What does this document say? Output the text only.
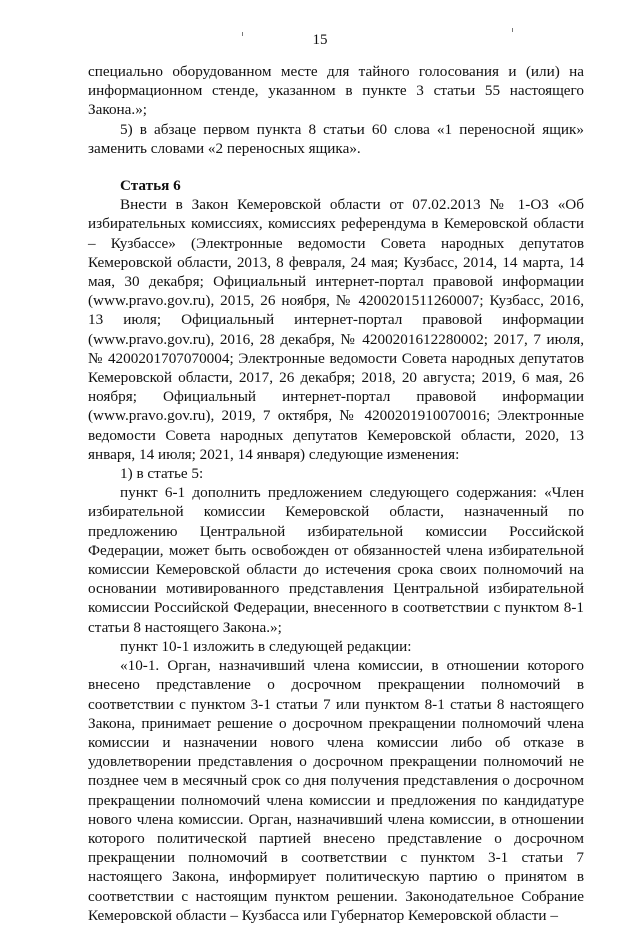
15

специально оборудованном месте для тайного голосования и (или) на информационном стенде, указанном в пункте 3 статьи 55 настоящего Закона.»;

5) в абзаце первом пункта 8 статьи 60 слова «1 переносной ящик» заменить словами «2 переносных ящика».

Статья 6

Внести в Закон Кемеровской области от 07.02.2013 № 1-ОЗ «Об избирательных комиссиях, комиссиях референдума в Кемеровской области – Кузбассе» (Электронные ведомости Совета народных депутатов Кемеровской области, 2013, 8 февраля, 24 мая; Кузбасс, 2014, 14 марта, 14 мая, 30 декабря; Официальный интернет-портал правовой информации (www.pravo.gov.ru), 2015, 26 ноября, № 4200201511260007; Кузбасс, 2016, 13 июля; Официальный интернет-портал правовой информации (www.pravo.gov.ru), 2016, 28 декабря, № 4200201612280002; 2017, 7 июля, № 4200201707070004; Электронные ведомости Совета народных депутатов Кемеровской области, 2017, 26 декабря; 2018, 20 августа; 2019, 6 мая, 26 ноября; Официальный интернет-портал правовой информации (www.pravo.gov.ru), 2019, 7 октября, № 4200201910070016; Электронные ведомости Совета народных депутатов Кемеровской области, 2020, 13 января, 14 июля; 2021, 14 января) следующие изменения:

1) в статье 5:

пункт 6-1 дополнить предложением следующего содержания: «Член избирательной комиссии Кемеровской области, назначенный по предложению Центральной избирательной комиссии Российской Федерации, может быть освобожден от обязанностей члена избирательной комиссии Кемеровской области до истечения срока своих полномочий на основании мотивированного представления Центральной избирательной комиссии Российской Федерации, внесенного в соответствии с пунктом 8-1 статьи 8 настоящего Закона.»;

пункт 10-1 изложить в следующей редакции:

«10-1. Орган, назначивший члена комиссии, в отношении которого внесено представление о досрочном прекращении полномочий в соответствии с пунктом 3-1 статьи 7 или пунктом 8-1 статьи 8 настоящего Закона, принимает решение о досрочном прекращении полномочий члена комиссии и назначении нового члена комиссии либо об отказе в удовлетворении представления о досрочном прекращении полномочий не позднее чем в месячный срок со дня получения представления о досрочном прекращении полномочий члена комиссии и предложения по кандидатуре нового члена комиссии. Орган, назначивший члена комиссии, в отношении которого политической партией внесено представление о досрочном прекращении полномочий в соответствии с пунктом 3-1 статьи 7 настоящего Закона, информирует политическую партию о принятом в соответствии с настоящим пунктом решении. Законодательное Собрание Кемеровской области – Кузбасса или Губернатор Кемеровской области –
